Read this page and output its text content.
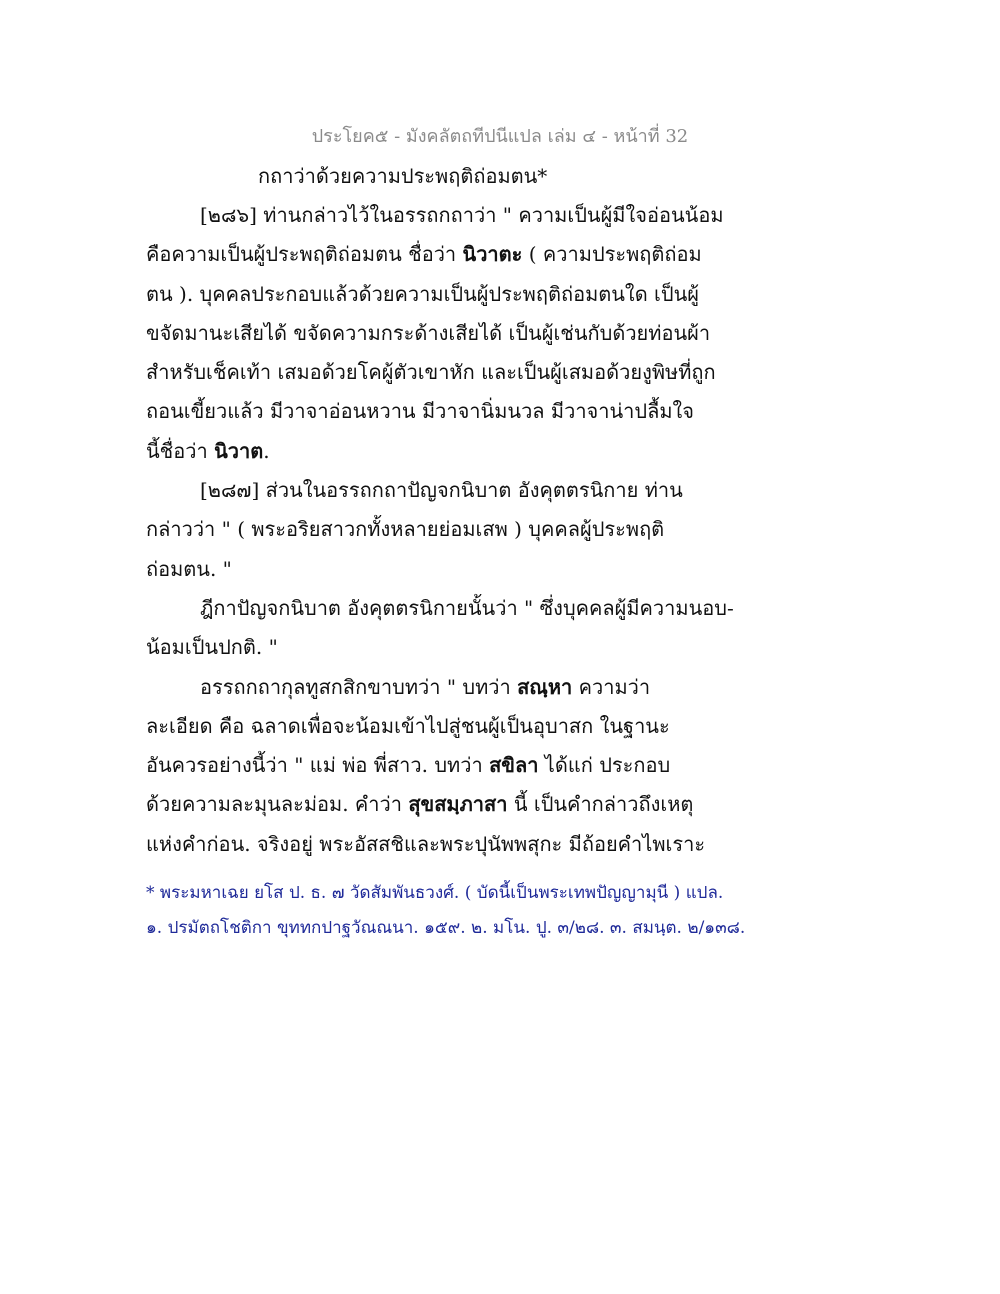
ประโยค๕ - มังคลัตถทีปนีแปล เล่ม ๔ - หน้าที่ 32
กถาว่าด้วยความประพฤติถ่อมตน*
[๒๘๖] ท่านกล่าวไว้ในอรรถกถาว่า " ความเป็นผู้มีใจอ่อนน้อม
คือความเป็นผู้ประพฤติถ่อมตน ชื่อว่า นิวาตะ ( ความประพฤติถ่อม
ตน ). บุคคลประกอบแล้วด้วยความเป็นผู้ประพฤติถ่อมตนใด เป็นผู้
ขจัดมานะเสียได้ ขจัดความกระด้างเสียได้ เป็นผู้เช่นกับด้วยท่อนผ้า
สำหรับเช็คเท้า เสมอด้วยโคผู้ตัวเขาหัก และเป็นผู้เสมอด้วยงูพิษที่ถูก
ถอนเขี้ยวแล้ว มีวาจาอ่อนหวาน มีวาจานิ่มนวล มีวาจาน่าปลื้มใจ
นี้ชื่อว่า นิวาต.
[๒๘๗] ส่วนในอรรถกถาปัญจกนิบาต อังคุตตรนิกาย ท่าน
กล่าวว่า " ( พระอริยสาวกทั้งหลายย่อมเสพ ) บุคคลผู้ประพฤติ
ถ่อมตน. "
ฎีกาปัญจกนิบาต อังคุตตรนิกายนั้นว่า " ซึ่งบุคคลผู้มีความนอบ-
น้อมเป็นปกติ. "
อรรถกถากุลทูสกสิกขาบทว่า " บทว่า สณฺหา ความว่า
ละเอียด คือ ฉลาดเพื่อจะน้อมเข้าไปสู่ชนผู้เป็นอุบาสก ในฐานะ
อันควรอย่างนี้ว่า " แม่ พ่อ พี่สาว. บทว่า สขิลา ได้แก่ ประกอบ
ด้วยความละมุนละม่อม. คำว่า สุขสมฺภาสา นี้ เป็นคำกล่าวถึงเหตุ
แห่งคำก่อน. จริงอยู่ พระอัสสชิและพระปุนัพพสุกะ มีถ้อยคำไพเราะ
* พระมหาเฉย ยโส ป. ธ. ๗ วัดสัมพันธวงศ์. ( บัดนี้เป็นพระเทพปัญญามุนี ) แปล.
๑. ปรมัตถโชติกา ขุททกปาฐวัณณนา. ๑๕๙. ๒. มโน. ปู. ๓/๒๘. ๓. สมนฺต. ๒/๑๓๘.
